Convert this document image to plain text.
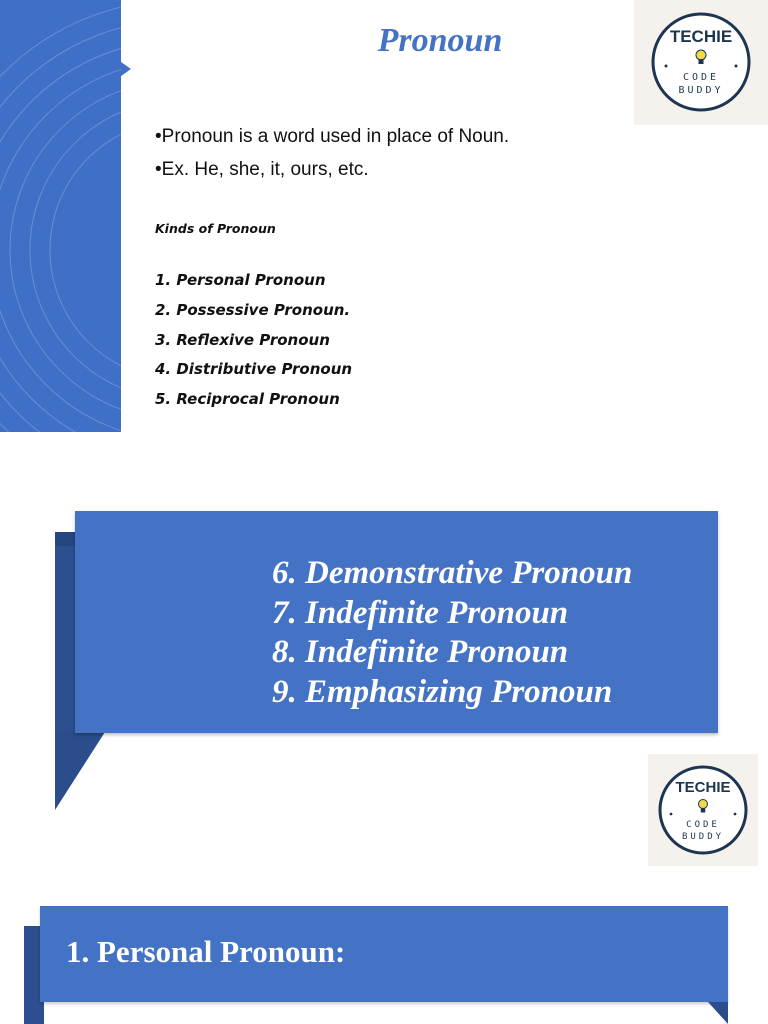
Pronoun	TECHIE
CODE
BUDDY
•Pronoun is a word used in place of Noun.
•Ex. He, she, it, ours, etc.

Kinds of Pronoun

1. Personal Pronoun
2. Possessive Pronoun.
3. Reflexive Pronoun
4. Distributive Pronoun
5. Reciprocal Pronoun
6. Demonstrative Pronoun
7. Indefinite Pronoun
8. Indefinite Pronoun
9. Emphasizing Pronoun
TECHIE
CODE
BUDDY
1. Personal Pronoun:
